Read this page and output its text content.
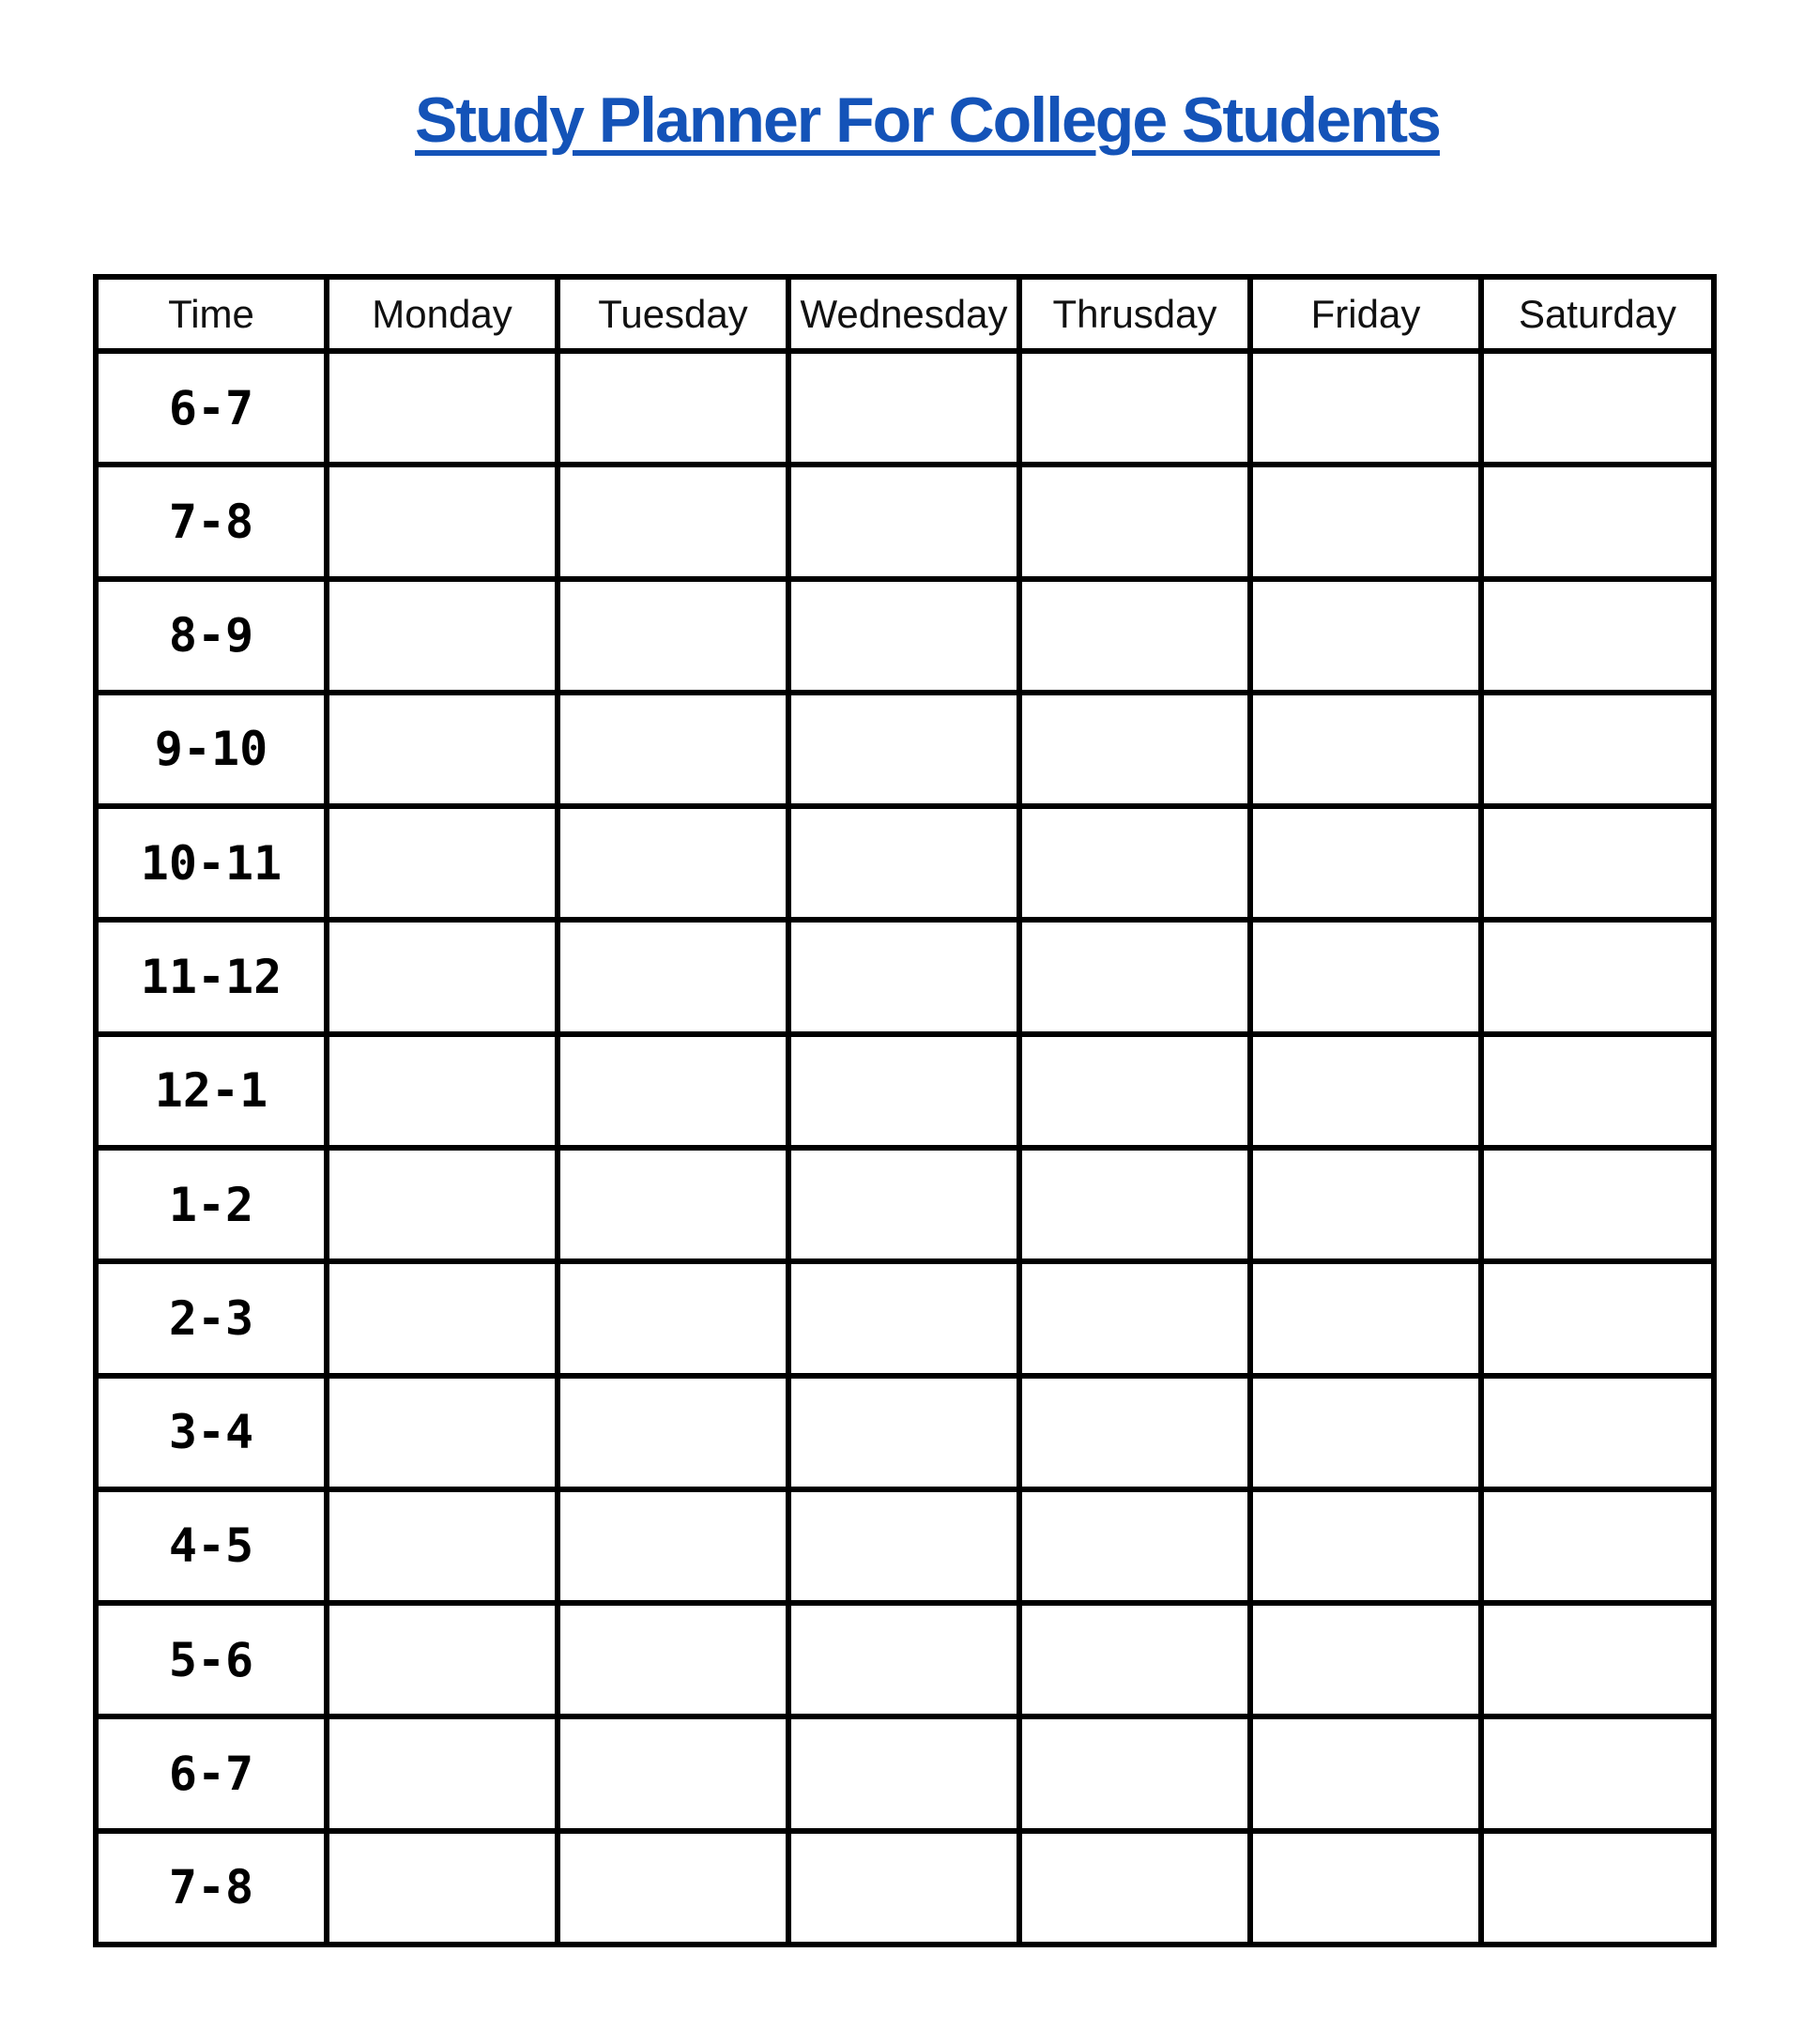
Study Planner For College Students
Time	Monday	Tuesday	Wednesday	Thrusday	Friday	Saturday
6-7						
7-8						
8-9						
9-10						
10-11						
11-12						
12-1						
1-2						
2-3						
3-4						
4-5						
5-6						
6-7						
7-8						
